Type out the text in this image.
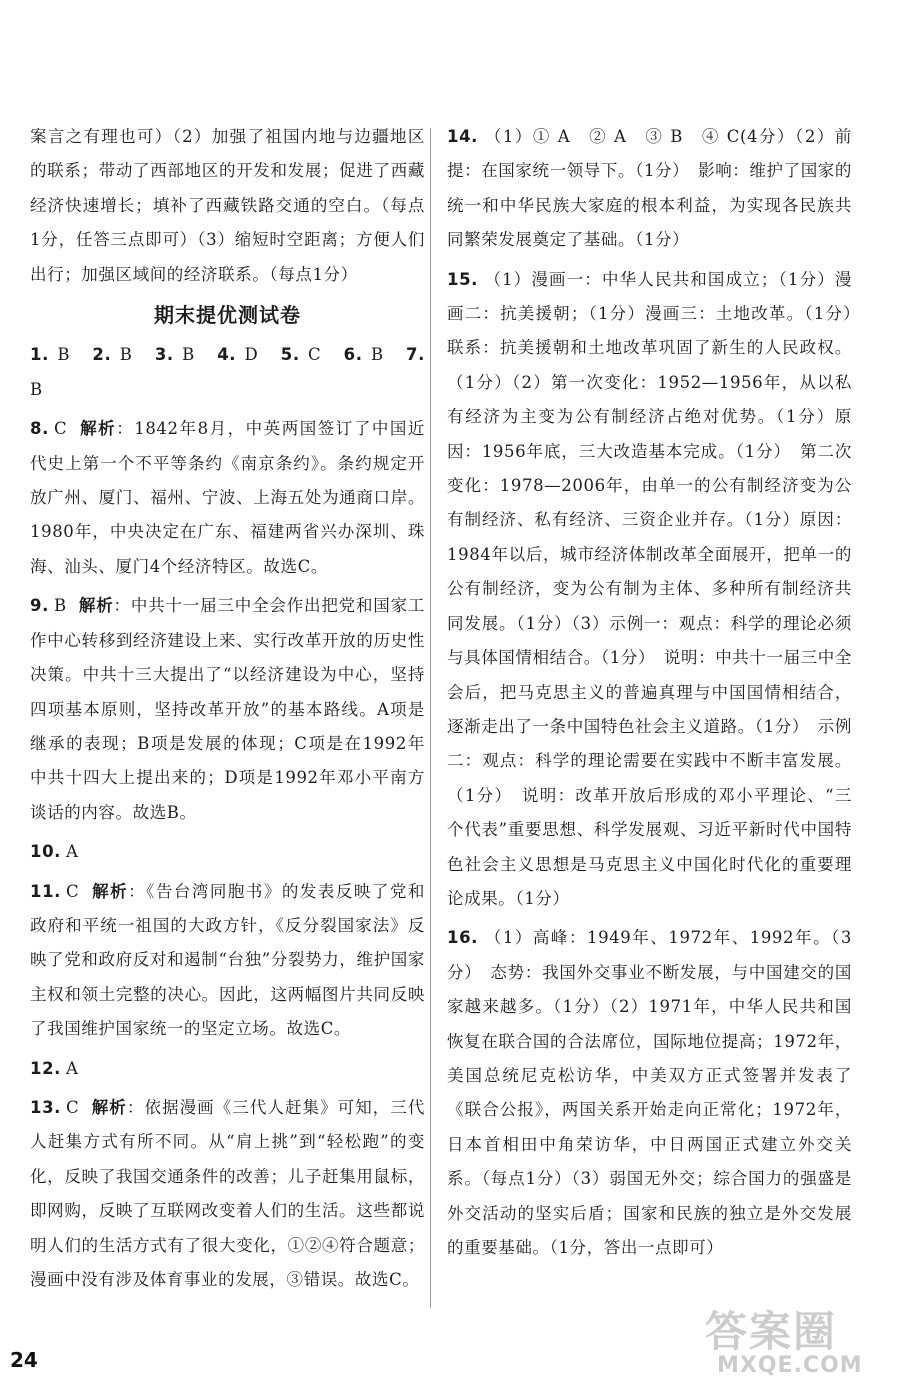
案言之有理也可）（2）加强了祖国内地与边疆地区的联系；带动了西部地区的开发和发展；促进了西藏经济快速增长；填补了西藏铁路交通的空白。（每点1分，任答三点即可）（3）缩短时空距离；方便人们出行；加强区域间的经济联系。（每点1分）

期末提优测试卷
1. B 2. B 3. B 4. D 5. C 6. B 7. B

8. C 解析：1842年8月，中英两国签订了中国近代史上第一个不平等条约《南京条约》。条约规定开放广州、厦门、福州、宁波、上海五处为通商口岸。1980年，中央决定在广东、福建两省兴办深圳、珠海、汕头、厦门4个经济特区。故选C。

9. B 解析：中共十一届三中全会作出把党和国家工作中心转移到经济建设上来、实行改革开放的历史性决策。中共十三大提出了“以经济建设为中心，坚持四项基本原则，坚持改革开放”的基本路线。A项是继承的表现；B项是发展的体现；C项是在1992年中共十四大上提出来的；D项是1992年邓小平南方谈话的内容。故选B。

10. A

11. C 解析：《告台湾同胞书》的发表反映了党和政府和平统一祖国的大政方针，《反分裂国家法》反映了党和政府反对和遏制“台独”分裂势力，维护国家主权和领土完整的决心。因此，这两幅图片共同反映了我国维护国家统一的坚定立场。故选C。

12. A

13. C 解析：依据漫画《三代人赶集》可知，三代人赶集方式有所不同。从“肩上挑”到“轻松跑”的变化，反映了我国交通条件的改善；儿子赶集用鼠标，即网购，反映了互联网改变着人们的生活。这些都说明人们的生活方式有了很大变化，①②④符合题意；漫画中没有涉及体育事业的发展，③错误。故选C。

14. （1）① A　② A　③ B　④ C(4分）（2）前提：在国家统一领导下。（1分）　影响：维护了国家的统一和中华民族大家庭的根本利益，为实现各民族共同繁荣发展奠定了基础。（1分）

15. （1）漫画一：中华人民共和国成立；（1分）漫画二：抗美援朝；（1分）漫画三：土地改革。（1分）　联系：抗美援朝和土地改革巩固了新生的人民政权。（1分）（2）第一次变化：1952—1956年，从以私有经济为主变为公有制经济占绝对优势。（1分）原因：1956年底，三大改造基本完成。（1分）　第二次变化：1978—2006年，由单一的公有制经济变为公有制经济、私有经济、三资企业并存。（1分）原因：1984年以后，城市经济体制改革全面展开，把单一的公有制经济，变为公有制为主体、多种所有制经济共同发展。（1分）（3）示例一：观点：科学的理论必须与具体国情相结合。（1分）　说明：中共十一届三中全会后，把马克思主义的普遍真理与中国国情相结合，逐渐走出了一条中国特色社会主义道路。（1分）　示例二：观点：科学的理论需要在实践中不断丰富发展。（1分）　说明：改革开放后形成的邓小平理论、“三个代表”重要思想、科学发展观、习近平新时代中国特色社会主义思想是马克思主义中国化时代化的重要理论成果。（1分）

16. （1）高峰：1949年、1972年、1992年。（3分）　态势：我国外交事业不断发展，与中国建交的国家越来越多。（1分）（2）1971年，中华人民共和国恢复在联合国的合法席位，国际地位提高；1972年，美国总统尼克松访华，中美双方正式签署并发表了《联合公报》，两国关系开始走向正常化；1972年，日本首相田中角荣访华，中日两国正式建立外交关系。（每点1分）（3）弱国无外交；综合国力的强盛是外交活动的坚实后盾；国家和民族的独立是外交发展的重要基础。（1分，答出一点即可）

24
答案圈
MXQE.COM
